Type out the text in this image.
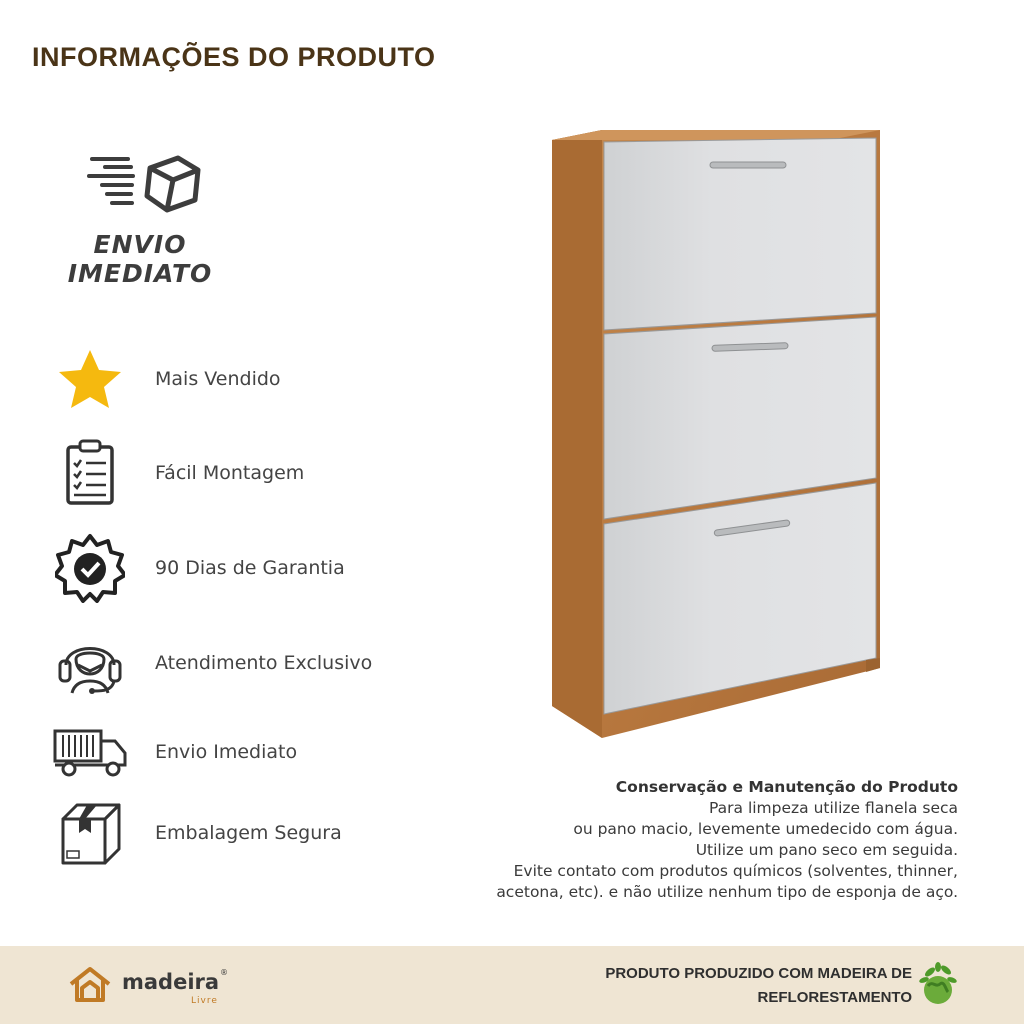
INFORMAÇÕES DO PRODUTO
ENVIO
IMEDIATO
Mais Vendido
Fácil Montagem
90 Dias de Garantia
Atendimento Exclusivo
Envio Imediato
Embalagem Segura
Conservação e Manutenção do Produto
Para limpeza utilize flanela seca
ou pano macio, levemente umedecido com água.
Utilize um pano seco em seguida.
Evite contato com produtos químicos (solventes, thinner,
acetona, etc). e não utilize nenhum tipo de esponja de aço.
madeira ®
Livre
PRODUTO PRODUZIDO COM MADEIRA DE
REFLORESTAMENTO
